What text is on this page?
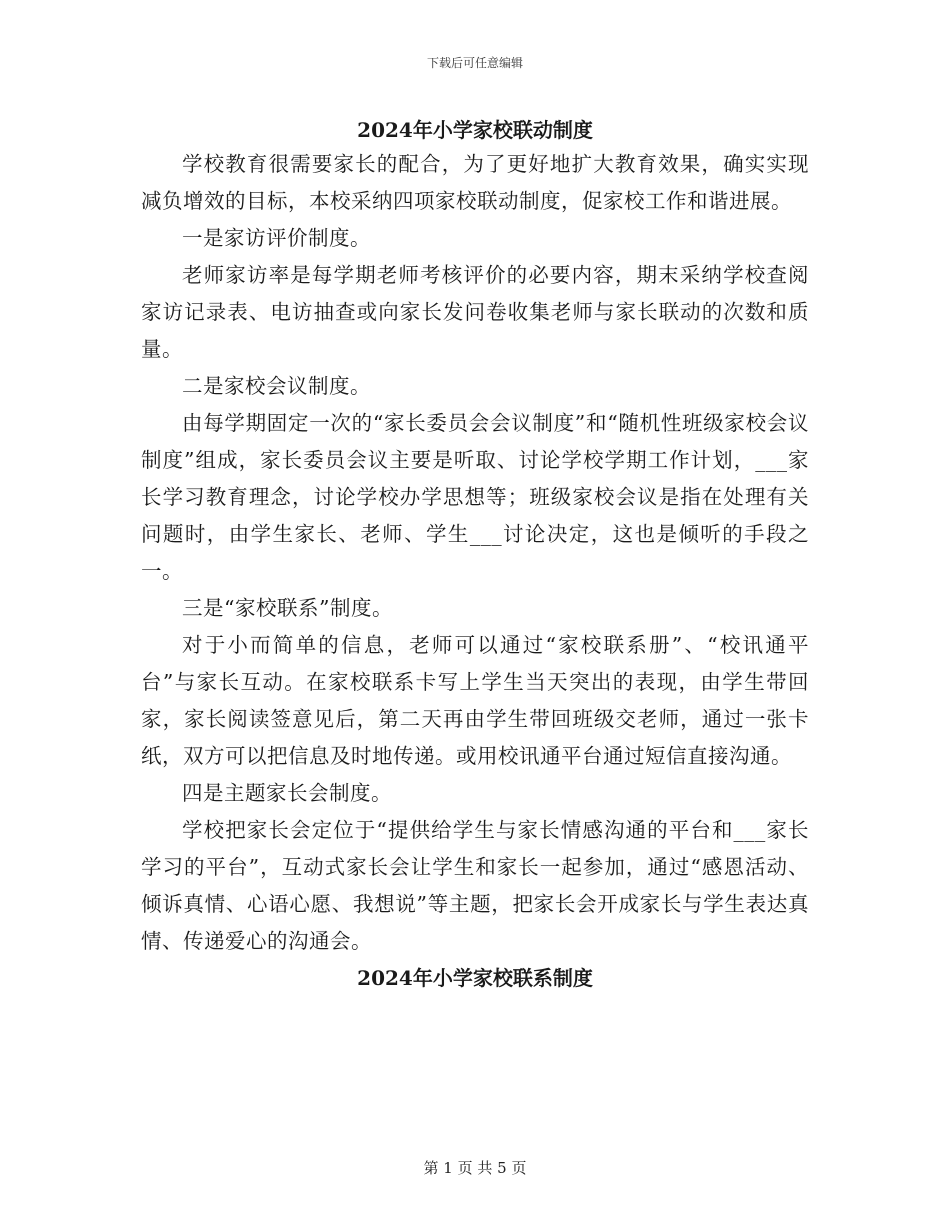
下载后可任意编辑
2024年小学家校联动制度

学校教育很需要家长的配合，为了更好地扩大教育效果，确实实现减负增效的目标，本校采纳四项家校联动制度，促家校工作和谐进展。

一是家访评价制度。

老师家访率是每学期老师考核评价的必要内容，期末采纳学校查阅家访记录表、电访抽查或向家长发问卷收集老师与家长联动的次数和质量。

二是家校会议制度。

由每学期固定一次的“家长委员会会议制度”和“随机性班级家校会议制度”组成，家长委员会议主要是听取、讨论学校学期工作计划，___家长学习教育理念，讨论学校办学思想等；班级家校会议是指在处理有关问题时，由学生家长、老师、学生___讨论决定，这也是倾听的手段之一。

三是“家校联系”制度。

对于小而简单的信息，老师可以通过“家校联系册”、“校讯通平台”与家长互动。在家校联系卡写上学生当天突出的表现，由学生带回家，家长阅读签意见后，第二天再由学生带回班级交老师，通过一张卡纸，双方可以把信息及时地传递。或用校讯通平台通过短信直接沟通。

四是主题家长会制度。

学校把家长会定位于“提供给学生与家长情感沟通的平台和___家长学习的平台”，互动式家长会让学生和家长一起参加，通过“感恩活动、倾诉真情、心语心愿、我想说”等主题，把家长会开成家长与学生表达真情、传递爱心的沟通会。

2024年小学家校联系制度
第 1 页 共 5 页
